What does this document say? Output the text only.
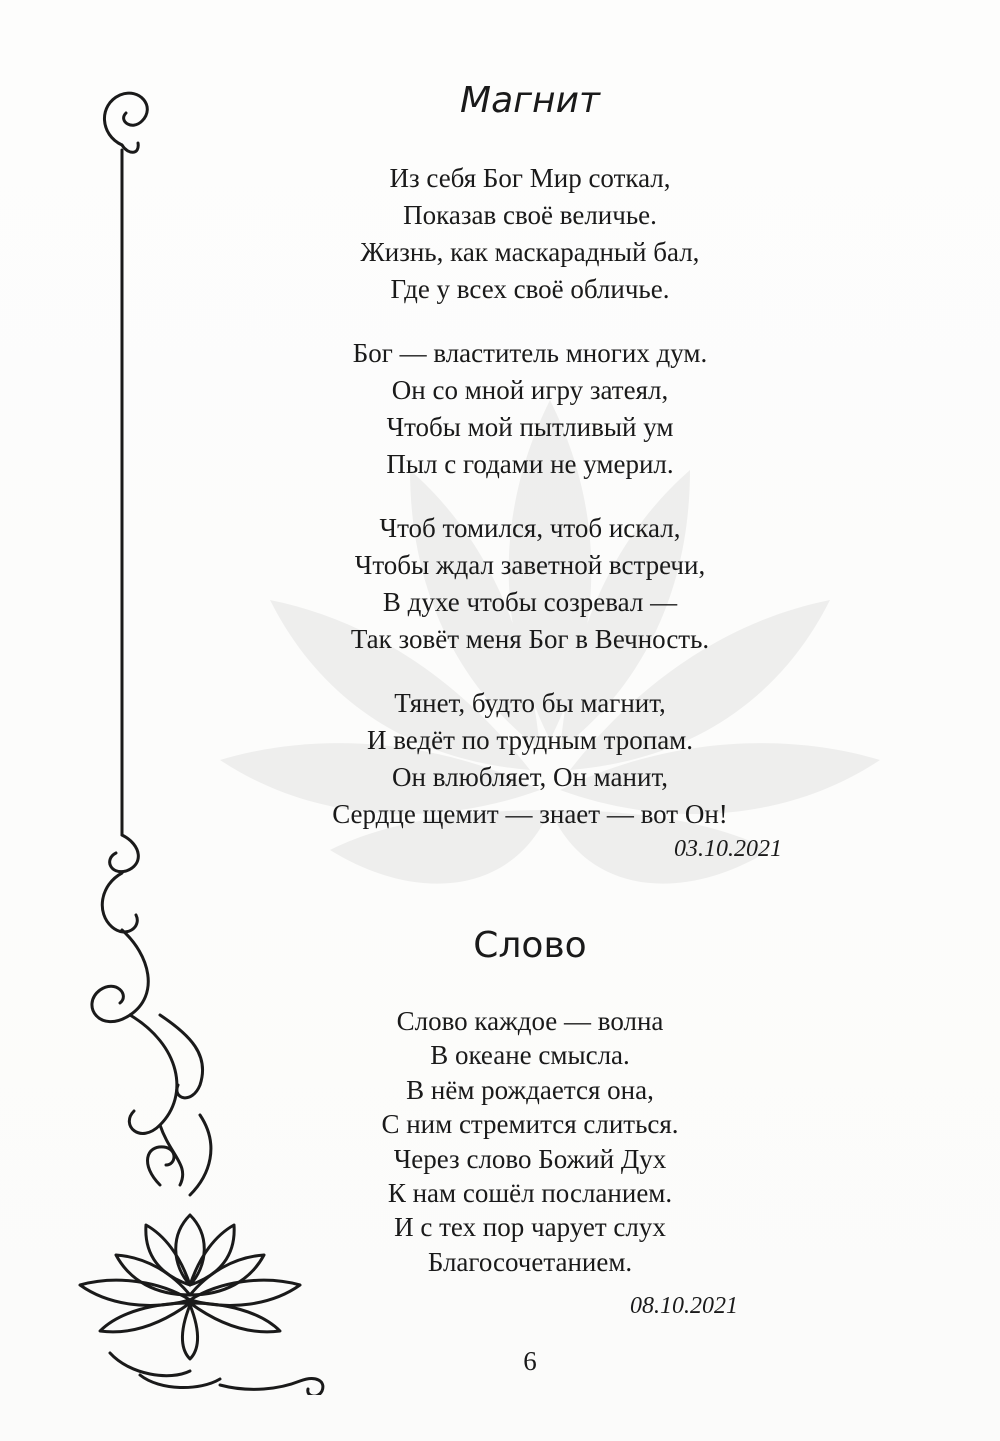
Магнит
Из себя Бог Мир соткал,
Показав своё величье.
Жизнь, как маскарадный бал,
Где у всех своё обличье.
Бог — властитель многих дум.
Он со мной игру затеял,
Чтобы мой пытливый ум
Пыл с годами не умерил.
Чтоб томился, чтоб искал,
Чтобы ждал заветной встречи,
В духе чтобы созревал —
Так зовёт меня Бог в Вечность.
Тянет, будто бы магнит,
И ведёт по трудным тропам.
Он влюбляет, Он манит,
Сердце щемит — знает — вот Он!
03.10.2021
Слово
Слово каждое — волна
В океане смысла.
В нём рождается она,
С ним стремится слиться.
Через слово Божий Дух
К нам сошёл посланием.
И с тех пор чарует слух
Благосочетанием.
08.10.2021
6
